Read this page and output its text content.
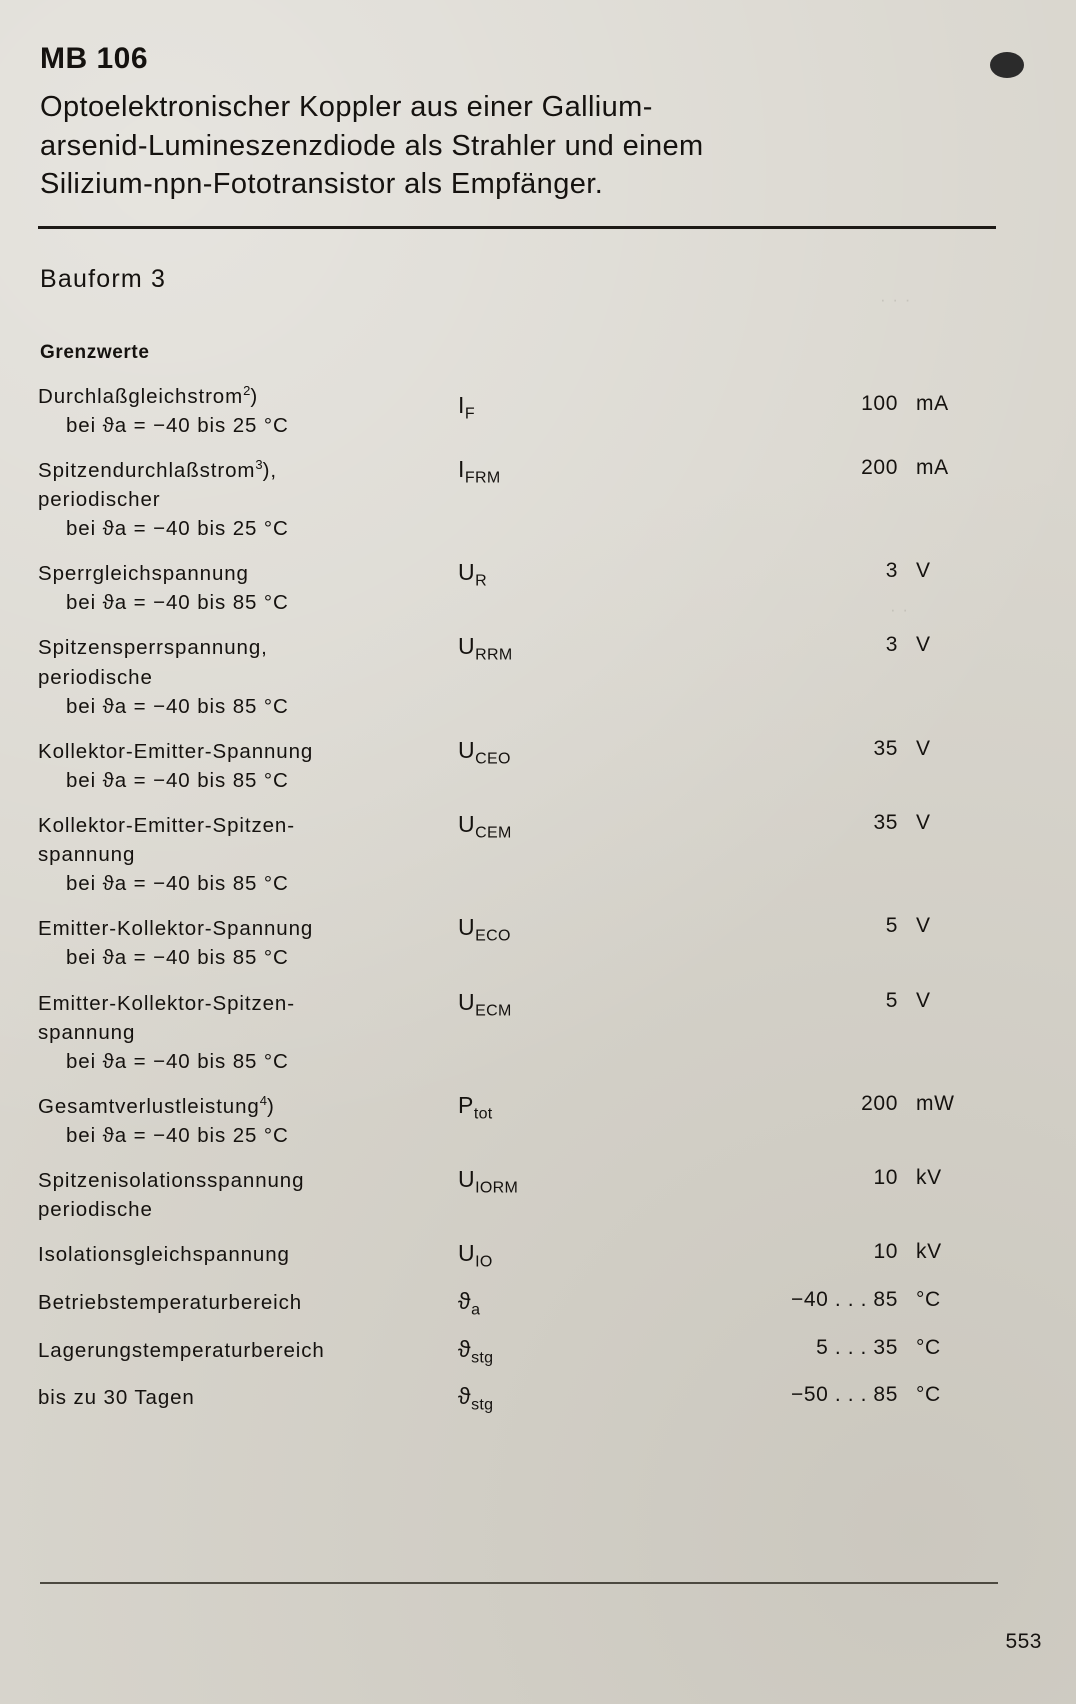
MB 106
Optoelektronischer Koppler aus einer Gallium-
arsenid-Lumineszenzdiode als Strahler und einem
Silizium-npn-Fototransistor als Empfänger.
Bauform 3
Grenzwerte
Durchlaßgleichstrom$^2$)
bei ϑa = −40 bis 25 °C	$I_F$	100	mA

Spitzendurchlaßstrom$^3$),
periodischer
bei ϑa = −40 bis 25 °C	$I_{FRM}$	200	mA

Sperrgleichspannung
bei ϑa = −40 bis 85 °C	$U_R$	3	V

Spitzensperrspannung,
periodische
bei ϑa = −40 bis 85 °C	$U_{RRM}$	3	V

Kollektor-Emitter-Spannung
bei ϑa = −40 bis 85 °C	$U_{CEO}$	35	V

Kollektor-Emitter-Spitzen-
spannung
bei ϑa = −40 bis 85 °C	$U_{CEM}$	35	V

Emitter-Kollektor-Spannung
bei ϑa = −40 bis 85 °C	$U_{ECO}$	5	V

Emitter-Kollektor-Spitzen-
spannung
bei ϑa = −40 bis 85 °C	$U_{ECM}$	5	V

Gesamtverlustleistung$^4$)
bei ϑa = −40 bis 25 °C	$P_{tot}$	200	mW

Spitzenisolationsspannung
periodische	$U_{IORM}$	10	kV

Isolationsgleichspannung	$U_{IO}$	10	kV

Betriebstemperaturbereich	$ϑ_a$	−40 . . . 85	°C

Lagerungstemperaturbereich	$ϑ_{stg}$	5 . . . 35	°C

bis zu 30 Tagen	$ϑ_{stg}$	−50 . . . 85	°C
553
· · ·
· ·
